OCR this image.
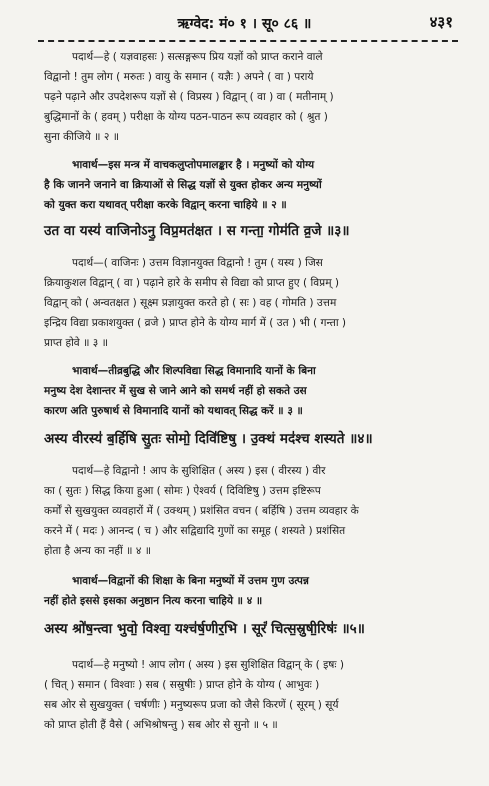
ऋग्वेद: मं० १ । सू० ८६ ॥	४३१
पदार्थ—हे ( यज्ञवाहसः ) सत्सङ्गरूप प्रिय यज्ञों को प्राप्त कराने वाले
विद्वानो ! तुम लोग ( मरुतः ) वायु के समान ( यज्ञैः ) अपने ( वा ) पराये
पढ़ने पढ़ाने और उपदेशरूप यज्ञों से ( विप्रस्य ) विद्वान् ( वा ) वा ( मतीनाम् )
बुद्धिमानों के ( हवम् ) परीक्षा के योग्य पठन-पाठन रूप व्यवहार को ( श्रुत )
सुना कीजिये ॥ २ ॥
भावार्थ—इस मन्त्र में वाचकलुप्तोपमालङ्कार है । मनुष्यों को योग्य
है कि जानने जनाने वा क्रियाओं से सिद्ध यज्ञों से युक्त होकर अन्य मनुष्यों
को युक्त करा यथावत् परीक्षा करके विद्वान् करना चाहिये ॥ २ ॥
उत वा यस्य॑ वाजिनोऽनु॒ विप्र॒मत॑क्षत । स गन्ता॒ गोम॑ति व्र॒जे ॥३॥
पदार्थ—( वाजिनः ) उत्तम विज्ञानयुक्त विद्वानो ! तुम ( यस्य ) जिस
क्रियाकुशल विद्वान् ( वा ) पढ़ाने हारे के समीप से विद्या को प्राप्त हुए ( विप्रम् )
विद्वान् को ( अन्वतक्षत ) सूक्ष्म प्रज्ञायुक्त करते हो ( सः ) वह ( गोमति ) उत्तम
इन्द्रिय विद्या प्रकाशयुक्त ( व्रजे ) प्राप्त होने के योग्य मार्ग में ( उत ) भी ( गन्ता )
प्राप्त होवे ॥ ३ ॥
भावार्थ—तीव्रबुद्धि और शिल्पविद्या सिद्ध विमानादि यानों के बिना
मनुष्य देश देशान्तर में सुख से जाने आने को समर्थ नहीं हो सकते उस
कारण अति पुरुषार्थ से विमानादि यानों को यथावत् सिद्ध करें ॥ ३ ॥
अस्य वीरस्य॑ ब॒र्हिषि सु॒तः सोमो॒ दिवि॑ष्टिषु । उ॒क्थं मद॑श्च शस्यते ॥४॥
पदार्थ—हे विद्वानो ! आप के सुशिक्षित ( अस्य ) इस ( वीरस्य ) वीर
का ( सुतः ) सिद्ध किया हुआ ( सोमः ) ऐश्वर्य ( दिविष्टिषु ) उत्तम इष्टिरूप
कर्मों से सुखयुक्त व्यवहारों में ( उक्थम् ) प्रशंसित वचन ( बर्हिषि ) उत्तम व्यवहार के
करने में ( मदः ) आनन्द ( च ) और सद्विद्यादि गुणों का समूह ( शस्यते ) प्रशंसित
होता है अन्य का नहीं ॥ ४ ॥
भावार्थ—विद्वानों की शिक्षा के बिना मनुष्यों में उत्तम गुण उत्पन्न
नहीं होते इससे इसका अनुष्ठान नित्य करना चाहिये ॥ ४ ॥
अस्य श्रो॑ष॒न्त्वा भुवो॒ विश्वा॒ यश्च॑र्ष॒णीर॒भि । सूरं॑ चित्स॒स्रुषी॒रिषः॑ ॥५॥
पदार्थ—हे मनुष्यो ! आप लोग ( अस्य ) इस सुशिक्षित विद्वान् के ( इषः )
( चित् ) समान ( विश्वाः ) सब ( सस्रुषीः ) प्राप्त होने के योग्य ( आभुवः )
सब ओर से सुखयुक्त ( चर्षणीः ) मनुष्यरूप प्रजा को जैसे किरणें ( सूरम् ) सूर्य
को प्राप्त होती हैं वैसे ( अभिश्रोषन्तु ) सब ओर से सुनो ॥ ५ ॥
